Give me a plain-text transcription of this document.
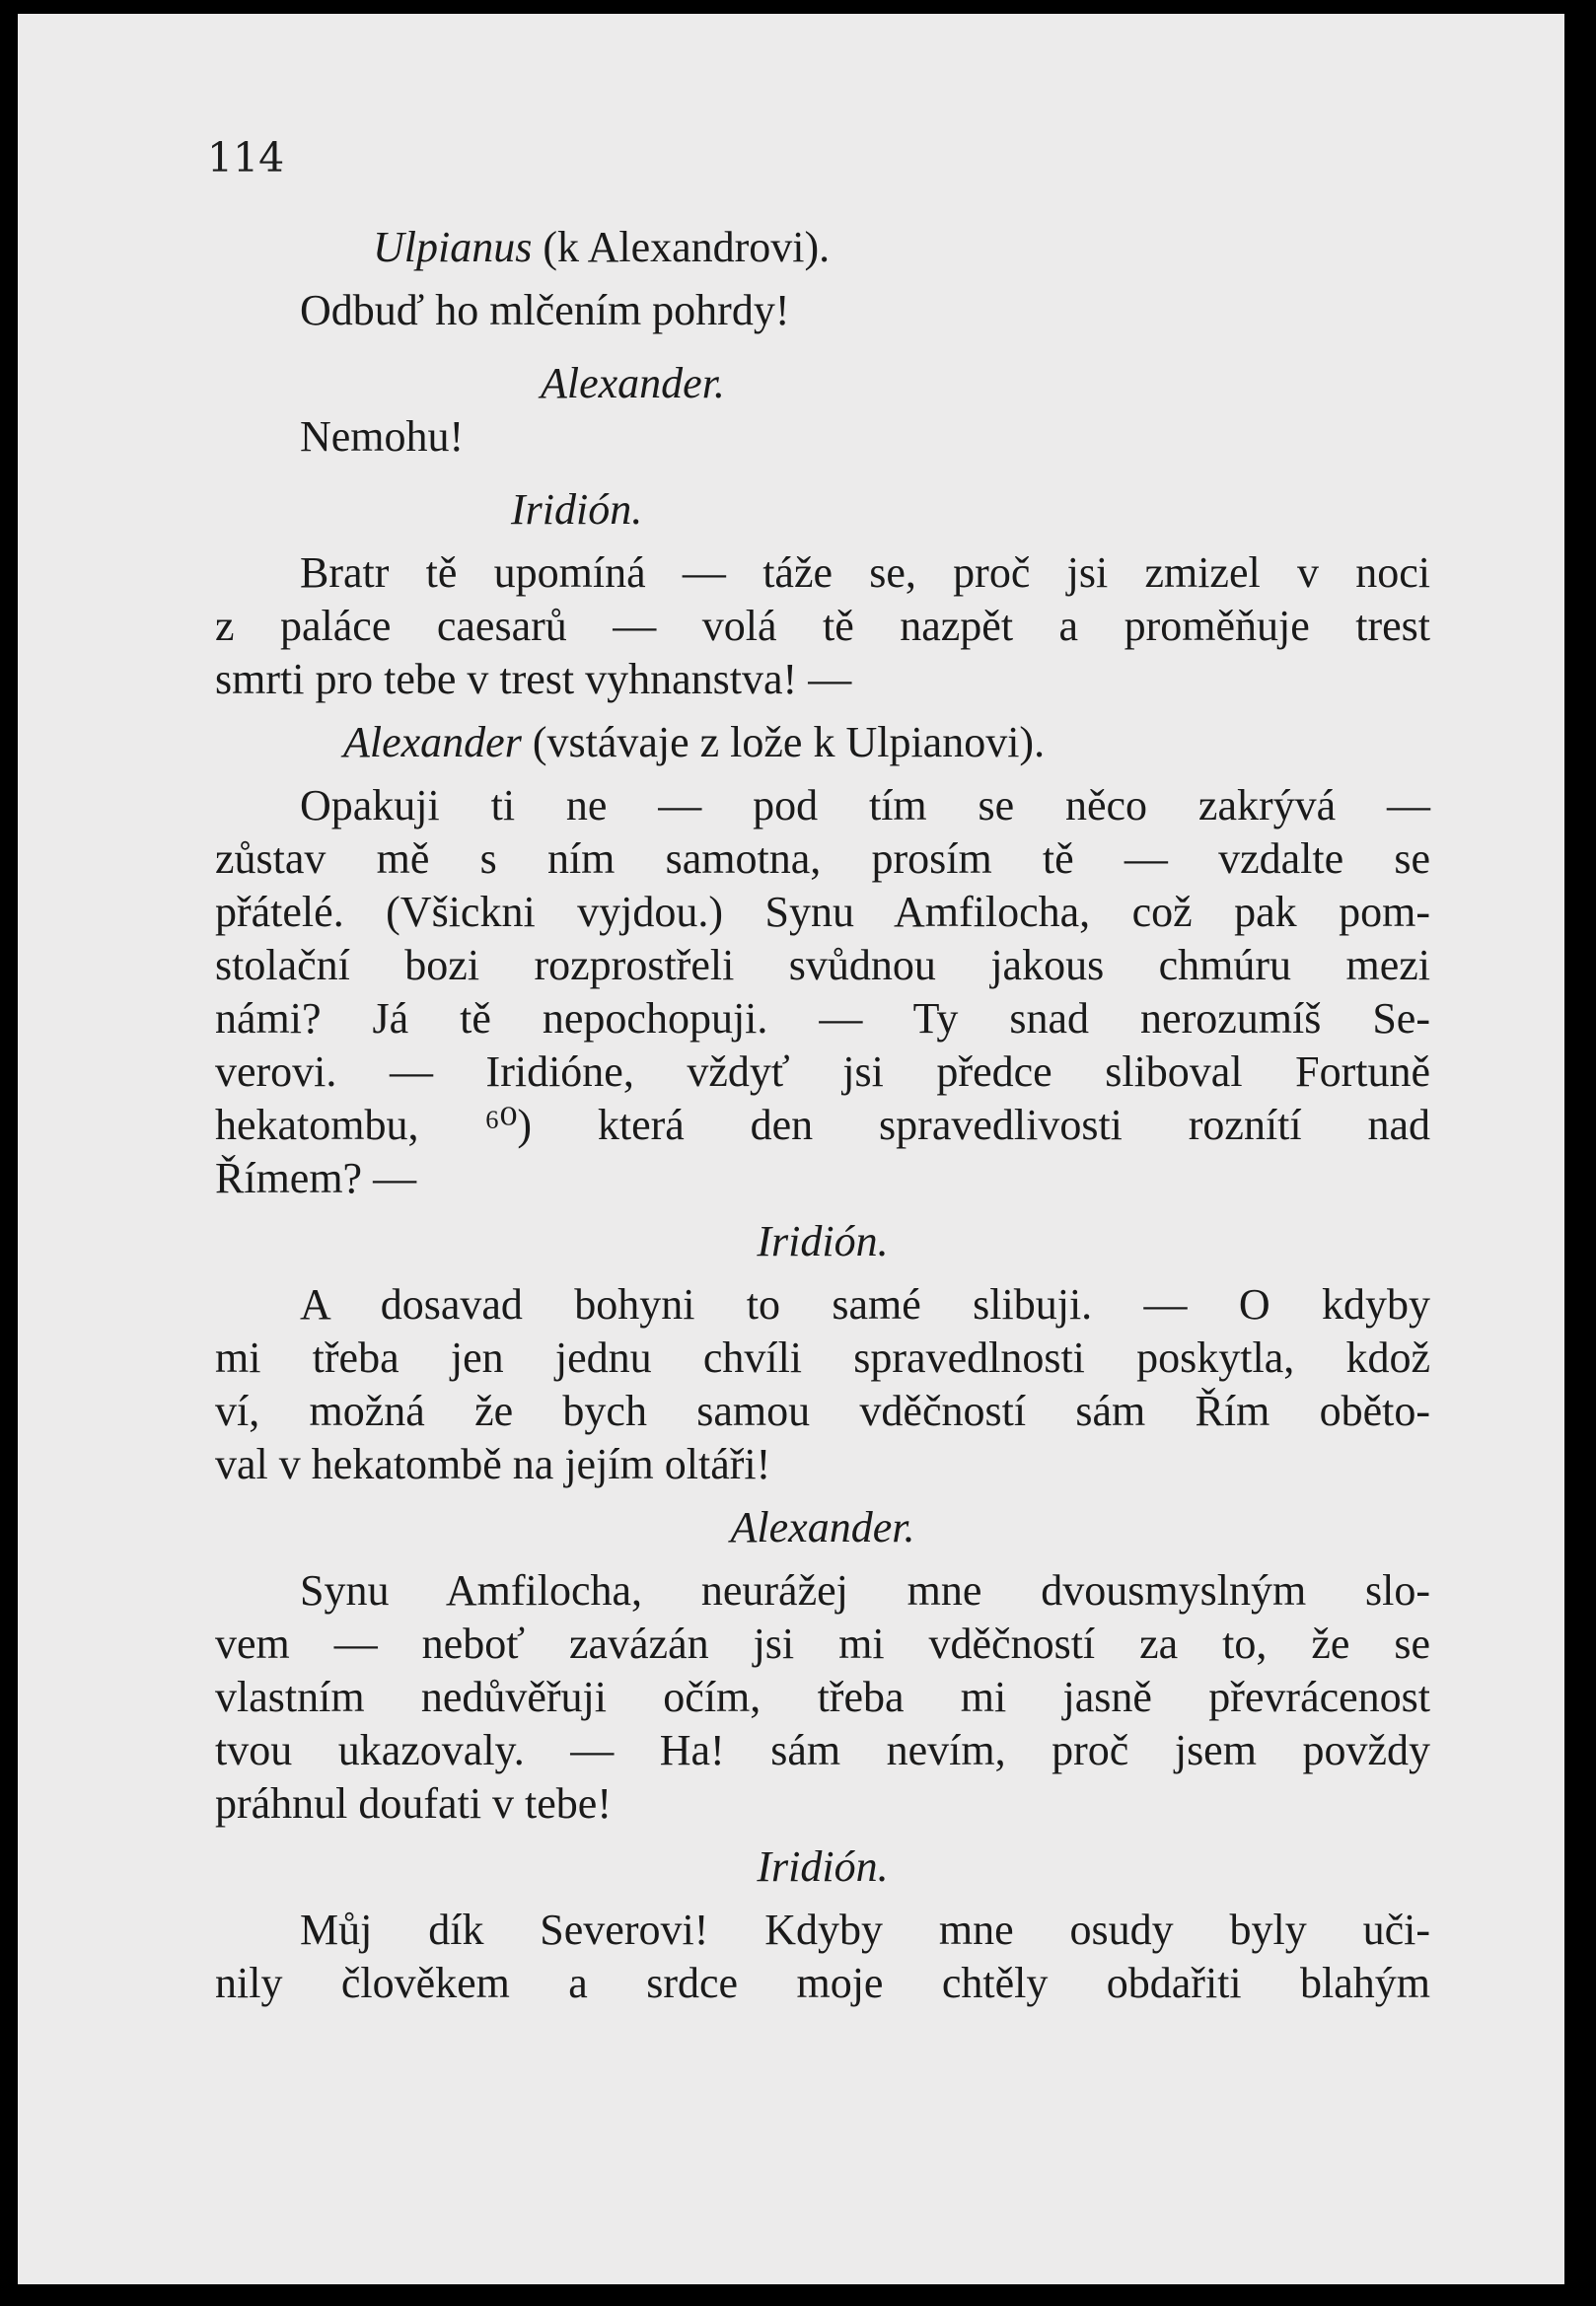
114
Ulpianus (k Alexandrovi).
Odbuď ho mlčením pohrdy!
Alexander.
Nemohu!
Iridión.
Bratr tě upomíná — táže se, proč jsi zmizel v noci
z paláce caesarů — volá tě nazpět a proměňuje trest
smrti pro tebe v trest vyhnanstva! —
Alexander (vstávaje z lože k Ulpianovi).
Opakuji ti ne — pod tím se něco zakrývá —
zůstav mě s ním samotna, prosím tě — vzdalte se
přátelé. (Všickni vyjdou.) Synu Amfilocha, což pak pom-
stolační bozi rozprostřeli svůdnou jakous chmúru mezi
námi? Já tě nepochopuji. — Ty snad nerozumíš Se-
verovi. — Iridióne, vždyť jsi předce sliboval Fortuně
hekatombu, ⁶⁰) která den spravedlivosti roznítí nad
Římem? —
Iridión.
A dosavad bohyni to samé slibuji. — O kdyby
mi třeba jen jednu chvíli spravedlnosti poskytla, kdož
ví, možná že bych samou vděčností sám Řím oběto-
val v hekatombě na jejím oltáři!
Alexander.
Synu Amfilocha, neurážej mne dvousmyslným slo-
vem — neboť zavázán jsi mi vděčností za to, že se
vlastním nedůvěřuji očím, třeba mi jasně převrácenost
tvou ukazovaly. — Ha! sám nevím, proč jsem povždy
práhnul doufati v tebe!
Iridión.
Můj dík Severovi! Kdyby mne osudy byly uči-
nily člověkem a srdce moje chtěly obdařiti blahým
